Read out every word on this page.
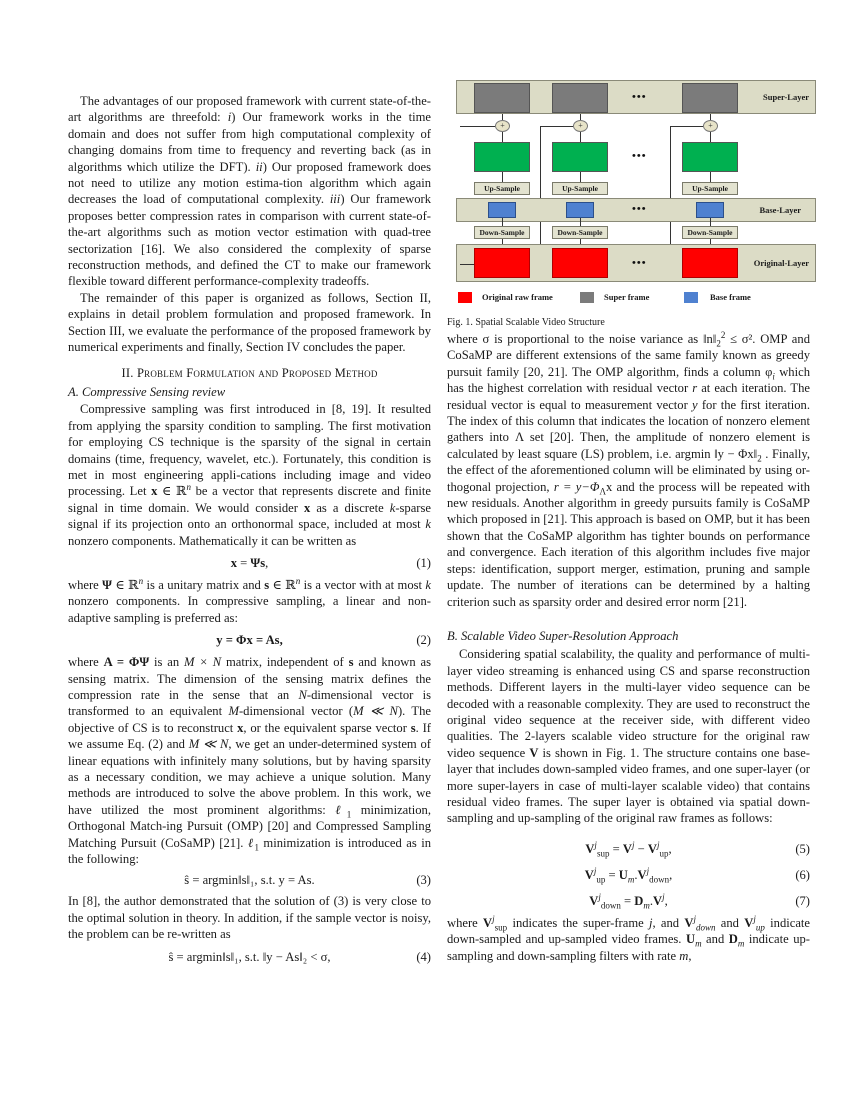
Super-Layer
•••
+	+	+
•••
Up-Sample	Up-Sample	Up-Sample
Base-Layer
•••
Down-Sample	Down-Sample	Down-Sample
Original-Layer
•••
Original raw frame	Super frame	Base frame
Fig. 1. Spatial Scalable Video Structure

The advantages of our proposed framework with current state-of-the-art algorithms are threefold: i) Our framework works in the time domain and does not suffer from high computational complexity of changing domains from time to frequency and reverting back (as in algorithms which utilize the DFT). ii) Our proposed framework does not need to utilize any motion estima-tion algorithm which again decreases the load of computational complexity. iii) Our framework proposes better compression rates in comparison with current state-of-the-art algorithms such as motion vector estimation with quad-tree sectorization [16]. We also considered the complexity of sparse reconstruction methods, and defined the CT to make our framework flexible toward different performance-complexity tradeoffs.

The remainder of this paper is organized as follows, Section II, explains in detail problem formulation and proposed framework. In Section III, we evaluate the performance of the proposed framework by numerical experiments and finally, Section IV concludes the paper.

II. Problem Formulation and Proposed Method
A. Compressive Sensing review

Compressive sampling was first introduced in [8, 19]. It resulted from applying the sparsity condition to sampling. The first motivation for employing CS technique is the sparsity of the signal in certain domains (time, frequency, wavelet, etc.). Fortunately, this condition is met in most engineering appli-cations including image and video processing. Let x ∈ ℝ$^n$ be a vector that represents discrete and finite signal in time domain. We would consider x as a discrete k-sparse signal if its projection onto an orthonormal space, included at most k nonzero components. Mathematically it can be written as

x = Ψs,	(1)

where Ψ ∈ ℝ$^n$ is a unitary matrix and s ∈ ℝ$^n$ is a vector with at most k nonzero components. In compressive sampling, a linear and non-adaptive sampling is preferred as:

y = Φx = As,	(2)

where A = ΦΨ is an M × N matrix, independent of s and known as sensing matrix. The dimension of the sensing matrix defines the compression rate in the sense that an N-dimensional vector is transformed to an equivalent M-dimensional vector (M ≪ N). The objective of CS is to reconstruct x, or the equivalent sparse vector s. If we assume Eq. (2) and M ≪ N, we get an under-determined system of linear equations with infinitely many solutions, but by having sparsity as a necessary condition, we may achieve a unique solution. Many methods are introduced to solve the above problem. In this work, we have utilized the most prominent algorithms: ℓ$_1$ minimization, Orthogonal Match-ing Pursuit (OMP) [20] and Compressed Sampling Matching Pursuit (CoSaMP) [21]. ℓ$_1$ minimization is introduced as in the following:

ŝ = argmin‖s‖₁, s.t. y = As.	(3)

In [8], the author demonstrated that the solution of (3) is very close to the optimal solution in theory. In addition, if the sample vector is noisy, the problem can be re-written as

ŝ = argmin‖s‖₁, s.t. ‖y − As‖₂ < σ,	(4)

where σ is proportional to the noise variance as $‖n‖_2^2 \le \sigma^2$. OMP and CoSaMP are different extensions of the same family known as greedy pursuit family [20, 21]. The OMP algorithm, finds a column $\varphi_i$ which has the highest correlation with residual vector r at each iteration. The residual vector is equal to measurement vector y for the first iteration. The index of this column that indicates the location of nonzero element gathers into Λ set [20]. Then, the amplitude of nonzero element is calculated by least square (LS) problem, i.e. argmin ‖y − $\Phi x‖_2$ . Finally, the effect of the aforementioned column will be eliminated by using or-thogonal projection, $r = y-\Phi_\Lambda x$ and the process will be repeated with new residuals. Another algorithm in greedy pursuits family is CoSaMP which proposed in [21]. This approach is based on OMP, but it has been shown that the CoSaMP algorithm has tighter bounds on performance and convergence. Each iteration of this algorithm includes five major steps: identification, support merger, estimation, pruning and sample update. The number of iterations can be determined by a halting criterion such as sparsity order and desired error norm [21].

B. Scalable Video Super-Resolution Approach

Considering spatial scalability, the quality and performance of multi-layer video streaming is enhanced using CS and sparse reconstruction methods. Different layers in the multi-layer video sequence can be decoded with a reasonable complexity. They are used to reconstruct the original video sequence at the receiver side, with different video qualities. The 2-layers scalable video structure for the original raw video sequence V is shown in Fig. 1. The structure contains one base-layer that includes down-sampled video frames, and one super-layer (or more super-layers in case of multi-layer scalable video) that contains residual video frames. The super layer is obtained via spatial down-sampling and up-sampling of the original raw frames as follows:

$V^j_{sup} = V^j - V^j_{up}$,	(5)
$V^j_{up} = U_m.V^j_{down}$,	(6)
$V^j_{down} = D_m.V^j$,	(7)

where $V^j_{sup}$ indicates the super-frame j, and $V^j_{down}$ and $V^j_{up}$ indicate down-sampled and up-sampled video frames. $U_m$ and $D_m$ indicate up-sampling and down-sampling filters with rate m,
